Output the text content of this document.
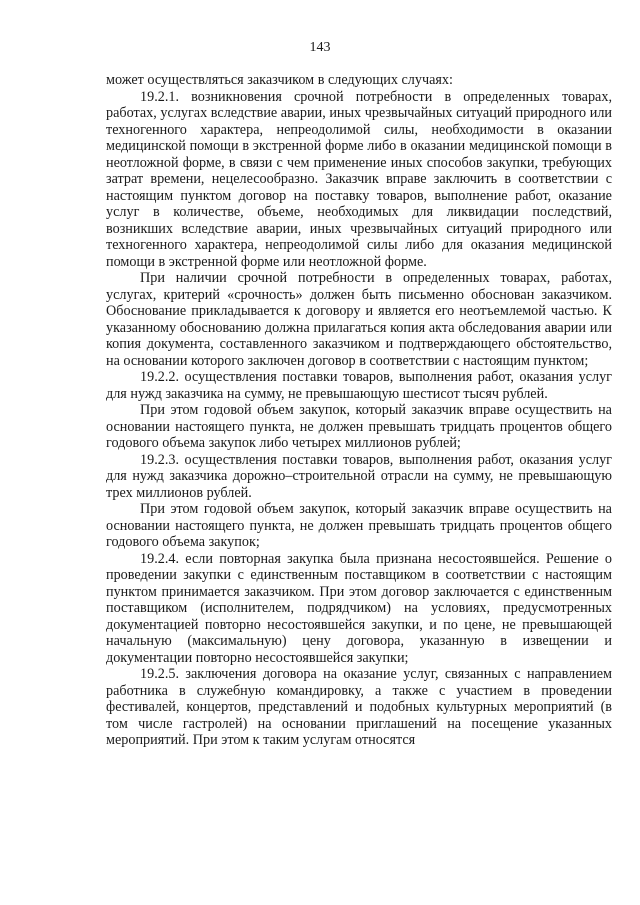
143

может осуществляться заказчиком в следующих случаях:

19.2.1. возникновения срочной потребности в определенных товарах, работах, услугах вследствие аварии, иных чрезвычайных ситуаций природного или техногенного характера, непреодолимой силы, необходимости в оказании медицинской помощи в экстренной форме либо в оказании медицинской помощи в неотложной форме, в связи с чем применение иных способов закупки, требующих затрат времени, нецелесообразно. Заказчик вправе заключить в соответствии с настоящим пунктом договор на поставку товаров, выполнение работ, оказание услуг в количестве, объеме, необходимых для ликвидации последствий, возникших вследствие аварии, иных чрезвычайных ситуаций природного или техногенного характера, непреодолимой силы либо для оказания медицинской помощи в экстренной форме или неотложной форме.

При наличии срочной потребности в определенных товарах, работах, услугах, критерий «срочность» должен быть письменно обоснован заказчиком. Обоснование прикладывается к договору и является его неотъемлемой частью. К указанному обоснованию должна прилагаться копия акта обследования аварии или копия документа, составленного заказчиком и подтверждающего обстоятельство, на основании которого заключен договор в соответствии с настоящим пунктом;

19.2.2. осуществления поставки товаров, выполнения работ, оказания услуг для нужд заказчика на сумму, не превышающую шестисот тысяч рублей.

При этом годовой объем закупок, который заказчик вправе осуществить на основании настоящего пункта, не должен превышать тридцать процентов общего годового объема закупок либо четырех миллионов рублей;

19.2.3. осуществления поставки товаров, выполнения работ, оказания услуг для нужд заказчика дорожно–строительной отрасли на сумму, не превышающую трех миллионов рублей.

При этом годовой объем закупок, который заказчик вправе осуществить на основании настоящего пункта, не должен превышать тридцать процентов общего годового объема закупок;

19.2.4. если повторная закупка была признана несостоявшейся. Решение о проведении закупки с единственным поставщиком в соответствии с настоящим пунктом принимается заказчиком. При этом договор заключается с единственным поставщиком (исполнителем, подрядчиком) на условиях, предусмотренных документацией повторно несостоявшейся закупки, и по цене, не превышающей начальную (максимальную) цену договора, указанную в извещении и документации повторно несостоявшейся закупки;

19.2.5. заключения договора на оказание услуг, связанных с направлением работника в служебную командировку, а также с участием в проведении фестивалей, концертов, представлений и подобных культурных мероприятий (в том числе гастролей) на основании приглашений на посещение указанных мероприятий. При этом к таким услугам относятся
